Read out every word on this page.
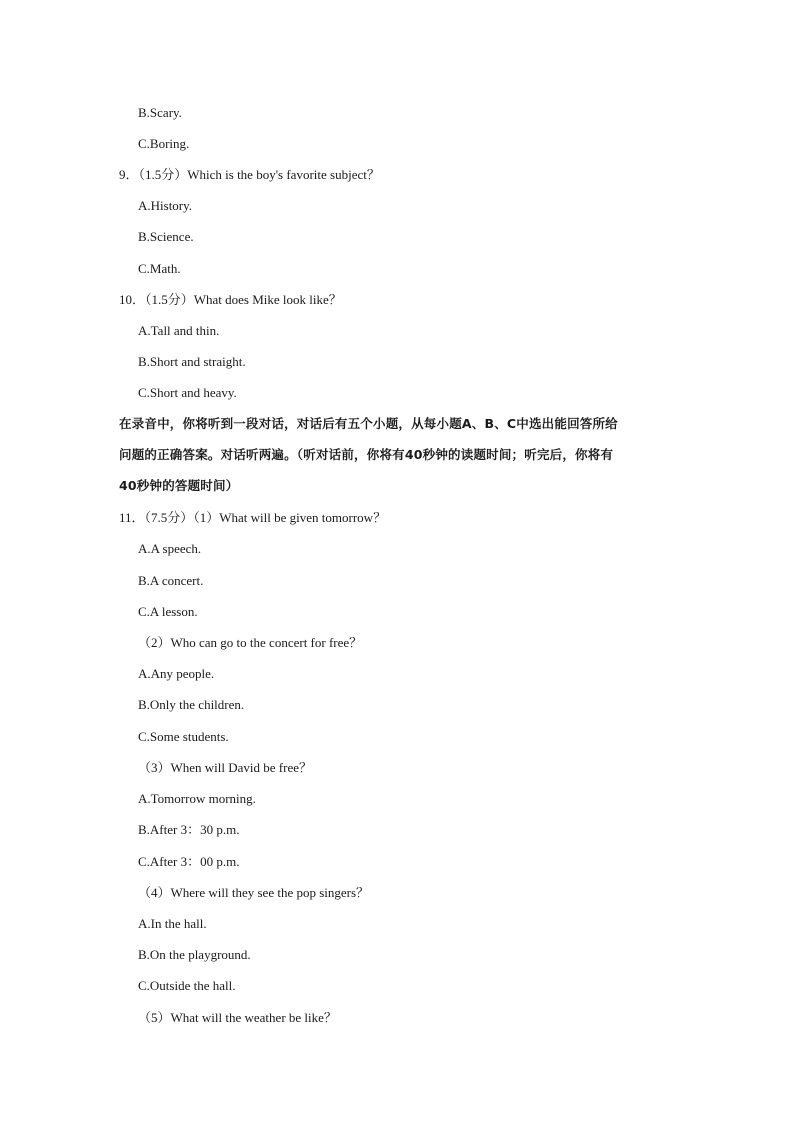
B.Scary.
C.Boring.
9．（1.5分）Which is the boy's favorite subject？
A.History.
B.Science.
C.Math.
10．（1.5分）What does Mike look like？
A.Tall and thin.
B.Short and straight.
C.Short and heavy.
在录音中，你将听到一段对话，对话后有五个小题，从每小题A、B、C中选出能回答所给
问题的正确答案。对话听两遍。（听对话前，你将有40秒钟的读题时间；听完后，你将有
40秒钟的答题时间）
11．（7.5分）（1）What will be given tomorrow？
A.A speech.
B.A concert.
C.A lesson.
（2）Who can go to the concert for free？
A.Any people.
B.Only the children.
C.Some students.
（3）When will David be free？
A.Tomorrow morning.
B.After 3：30 p.m.
C.After 3：00 p.m.
（4）Where will they see the pop singers？
A.In the hall.
B.On the playground.
C.Outside the hall.
（5）What will the weather be like？
